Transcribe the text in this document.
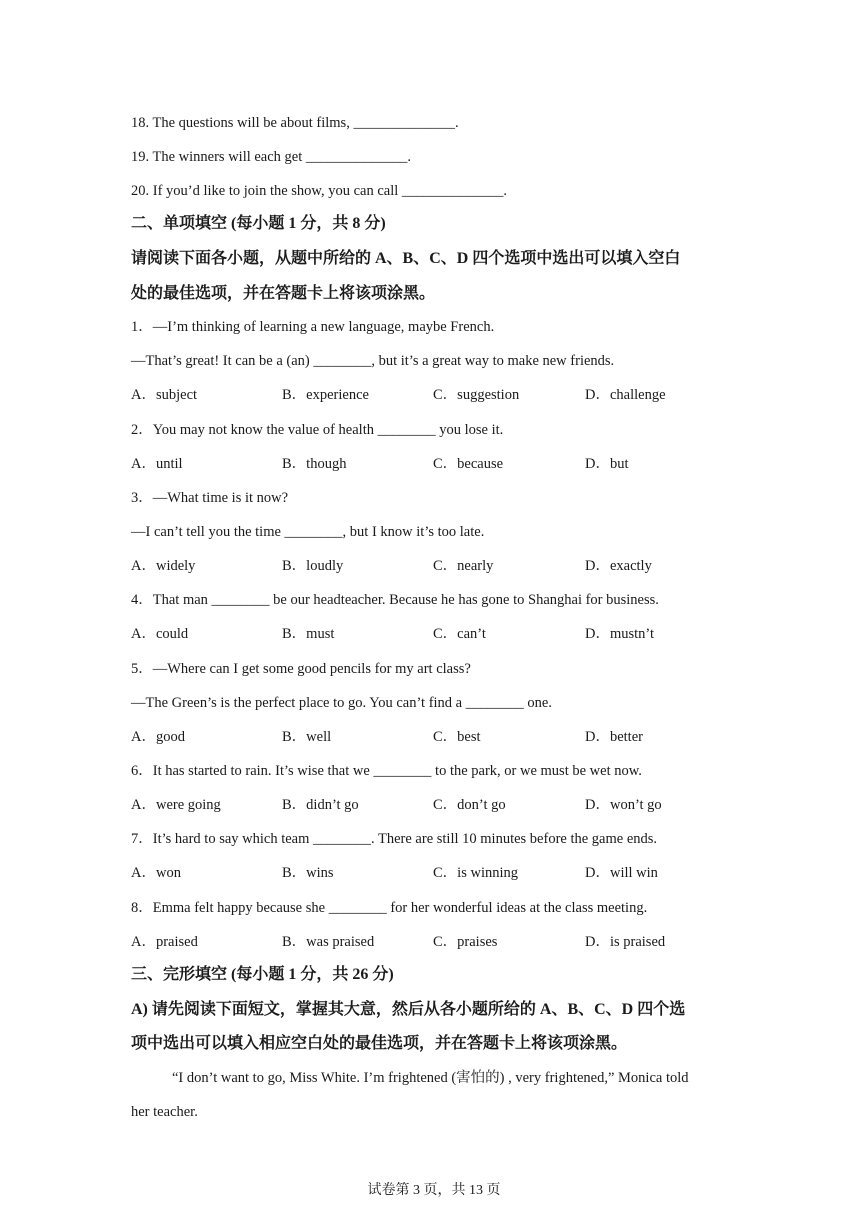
18. The questions will be about films, ______________.
19. The winners will each get ______________.
20. If you’d like to join the show, you can call ______________.
二、单项填空 (每小题 1 分，共 8 分)
请阅读下面各小题，从题中所给的 A、B、C、D 四个选项中选出可以填入空白
处的最佳选项，并在答题卡上将该项涂黑。
1．—I’m thinking of learning a new language, maybe French.
—That’s great! It can be a (an) ________, but it’s a great way to make new friends.
A．subject	B．experience	C．suggestion	D．challenge
2．You may not know the value of health ________ you lose it.
A．until	B．though	C．because	D．but
3．—What time is it now?
—I can’t tell you the time ________, but I know it’s too late.
A．widely	B．loudly	C．nearly	D．exactly
4．That man ________ be our headteacher. Because he has gone to Shanghai for business.
A．could	B．must	C．can’t	D．mustn’t
5．—Where can I get some good pencils for my art class?
—The Green’s is the perfect place to go. You can’t find a ________ one.
A．good	B．well	C．best	D．better
6．It has started to rain. It’s wise that we ________ to the park, or we must be wet now.
A．were going	B．didn’t go	C．don’t go	D．won’t go
7．It’s hard to say which team ________. There are still 10 minutes before the game ends.
A．won	B．wins	C．is winning	D．will win
8．Emma felt happy because she ________ for her wonderful ideas at the class meeting.
A．praised	B．was praised	C．praises	D．is praised
三、完形填空 (每小题 1 分，共 26 分)
A) 请先阅读下面短文，掌握其大意，然后从各小题所给的 A、B、C、D 四个选
项中选出可以填入相应空白处的最佳选项，并在答题卡上将该项涂黑。
“I don’t want to go, Miss White. I’m frightened (害怕的) , very frightened,” Monica told
her teacher.
试卷第 3 页，共 13 页
